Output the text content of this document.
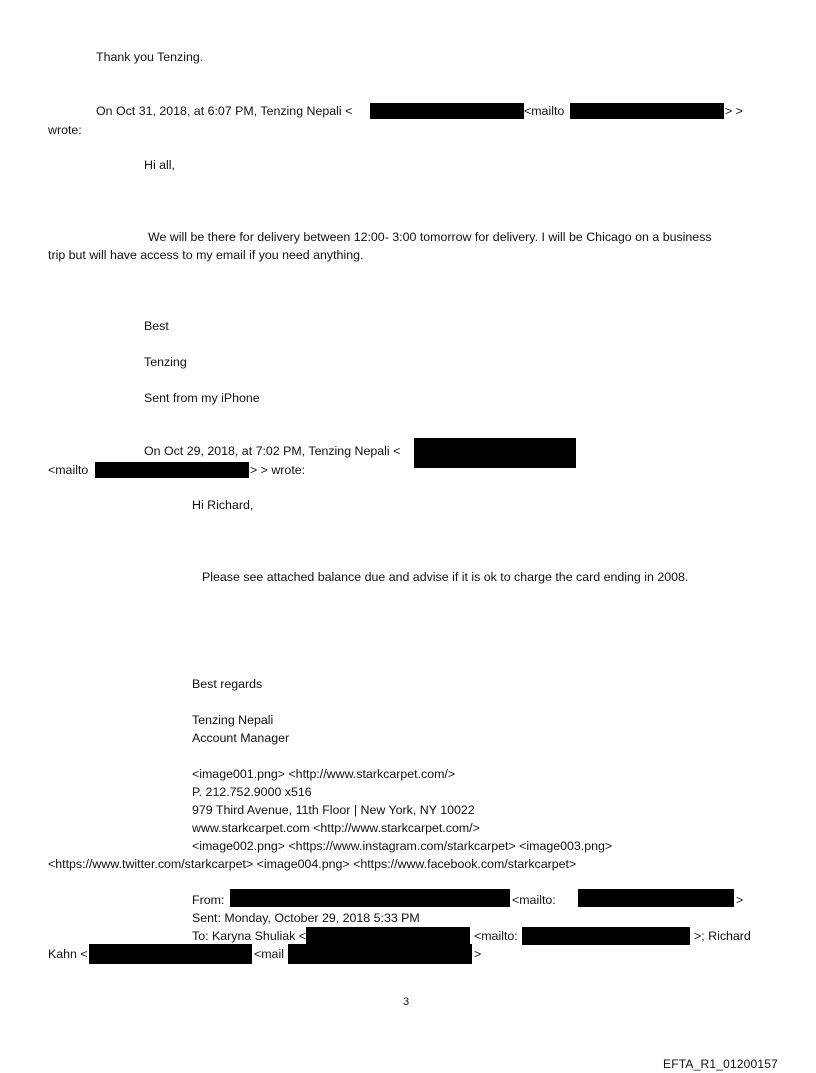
Thank you Tenzing.
On Oct 31, 2018, at 6:07 PM, Tenzing Nepali <	<mailto	> >
wrote:
Hi all,
We will be there for delivery between 12:00- 3:00 tomorrow for delivery. I will be Chicago on a business
trip but will have access to my email if you need anything.
Best
Tenzing
Sent from my iPhone
On Oct 29, 2018, at 7:02 PM, Tenzing Nepali <
<mailto	> > wrote:
Hi Richard,
Please see attached balance due and advise if it is ok to charge the card ending in 2008.
Best regards
Tenzing Nepali
Account Manager
<image001.png> <http://www.starkcarpet.com/>
P. 212.752.9000 x516
979 Third Avenue, 11th Floor | New York, NY 10022
www.starkcarpet.com <http://www.starkcarpet.com/>
<image002.png> <https://www.instagram.com/starkcarpet> <image003.png>
<https://www.twitter.com/starkcarpet> <image004.png> <https://www.facebook.com/starkcarpet>
From:	<mailto:	>
Sent: Monday, October 29, 2018 5:33 PM
To: Karyna Shuliak <	<mailto:	>; Richard
Kahn <	<mail	>
3
EFTA_R1_01200157
